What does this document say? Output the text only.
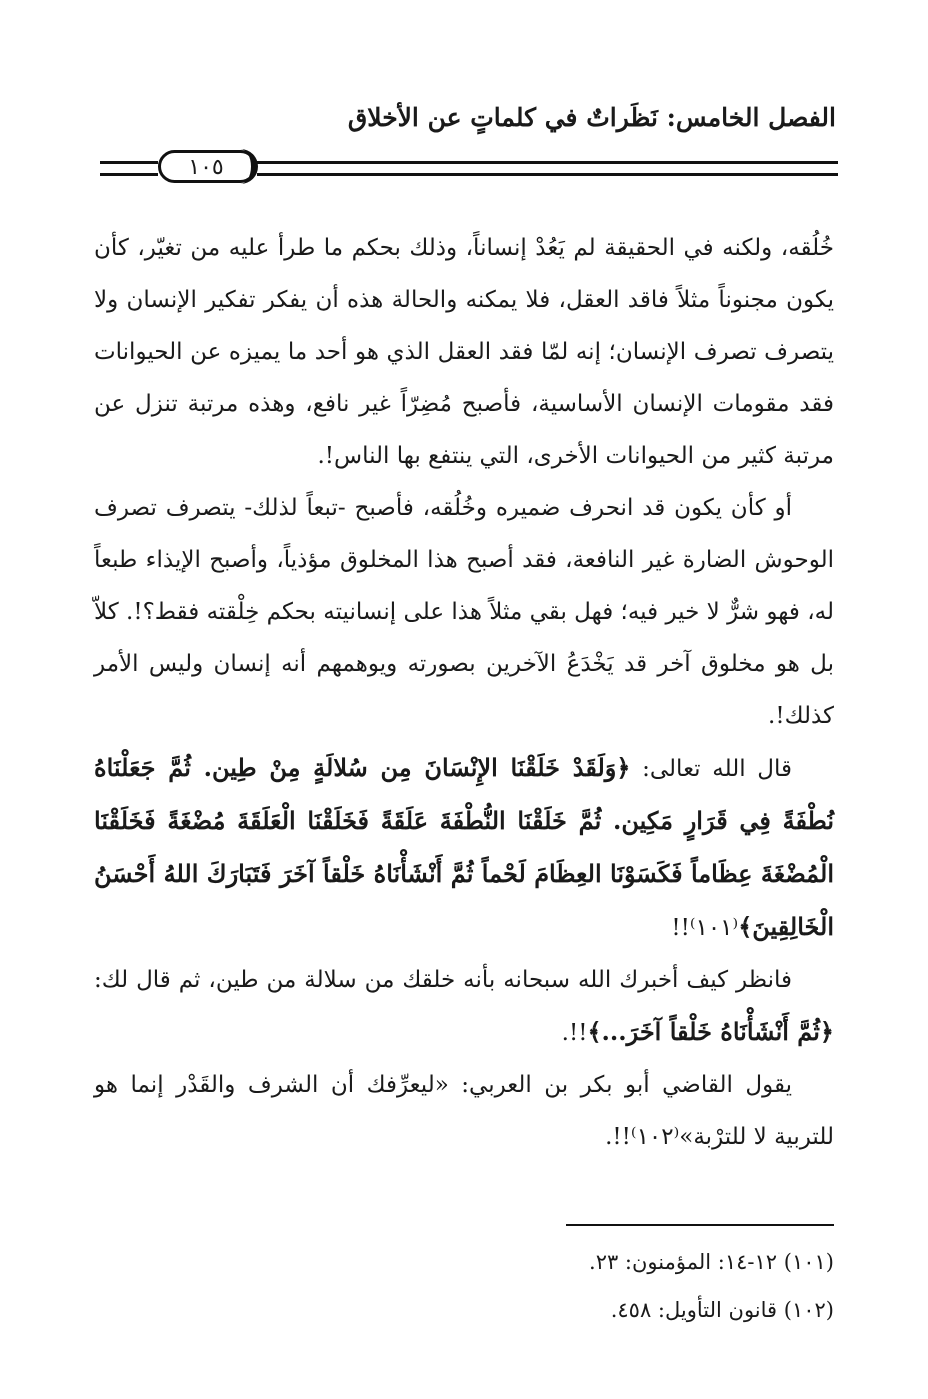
الفصل الخامس: نَظَراتٌ في كلماتٍ عن الأخلاق
١٠٥

خُلُقه، ولكنه في الحقيقة لم يَعُدْ إنساناً، وذلك بحكم ما طرأ عليه من تغيّر، كأن يكون مجنوناً مثلاً فاقد العقل، فلا يمكنه والحالة هذه أن يفكر تفكير الإنسان ولا يتصرف تصرف الإنسان؛ إنه لمّا فقد العقل الذي هو أحد ما يميزه عن الحيوانات فقد مقومات الإنسان الأساسية، فأصبح مُضِرّاً غير نافع، وهذه مرتبة تنزل عن مرتبة كثير من الحيوانات الأخرى، التي ينتفع بها الناس!.

أو كأن يكون قد انحرف ضميره وخُلُقه، فأصبح -تبعاً لذلك- يتصرف تصرف الوحوش الضارة غير النافعة، فقد أصبح هذا المخلوق مؤذياً، وأصبح الإيذاء طبعاً له، فهو شرٌّ لا خير فيه؛ فهل بقي مثلاً هذا على إنسانيته بحكم خِلْقته فقط؟!. كلاّ بل هو مخلوق آخر قد يَخْدَعُ الآخرين بصورته ويوهمهم أنه إنسان وليس الأمر كذلك!.

قال الله تعالى: ﴿وَلَقَدْ خَلَقْنَا الإِنْسَانَ مِن سُلالَةٍ مِنْ طِين. ثُمَّ جَعَلْنَاهُ نُطْفَةً فِي قَرَارٍ مَكِين. ثُمَّ خَلَقْنَا النُّطْفَةَ عَلَقَةً فَخَلَقْنَا الْعَلَقَةَ مُضْغَةً فَخَلَقْنَا الْمُضْغَةَ عِظَاماً فَكَسَوْنَا العِظَامَ لَحْماً ثُمَّ أَنْشَأْنَاهُ خَلْقاً آخَرَ فَتَبَارَكَ اللهُ أَحْسَنُ الْخَالِقِينَ﴾⁽١٠١⁾!!

فانظر كيف أخبرك الله سبحانه بأنه خلقك من سلالة من طين، ثم قال لك: ﴿ثُمَّ أَنْشَأْنَاهُ خَلْقاً آخَرَ...﴾!!.

يقول القاضي أبو بكر بن العربي: «ليعرِّفك أن الشرف والقَدْر إنما هو للتربية لا للترْبة»⁽١٠٢⁾!!.

(١٠١) ١٢-١٤: المؤمنون: ٢٣.

(١٠٢) قانون التأويل: ٤٥٨.
